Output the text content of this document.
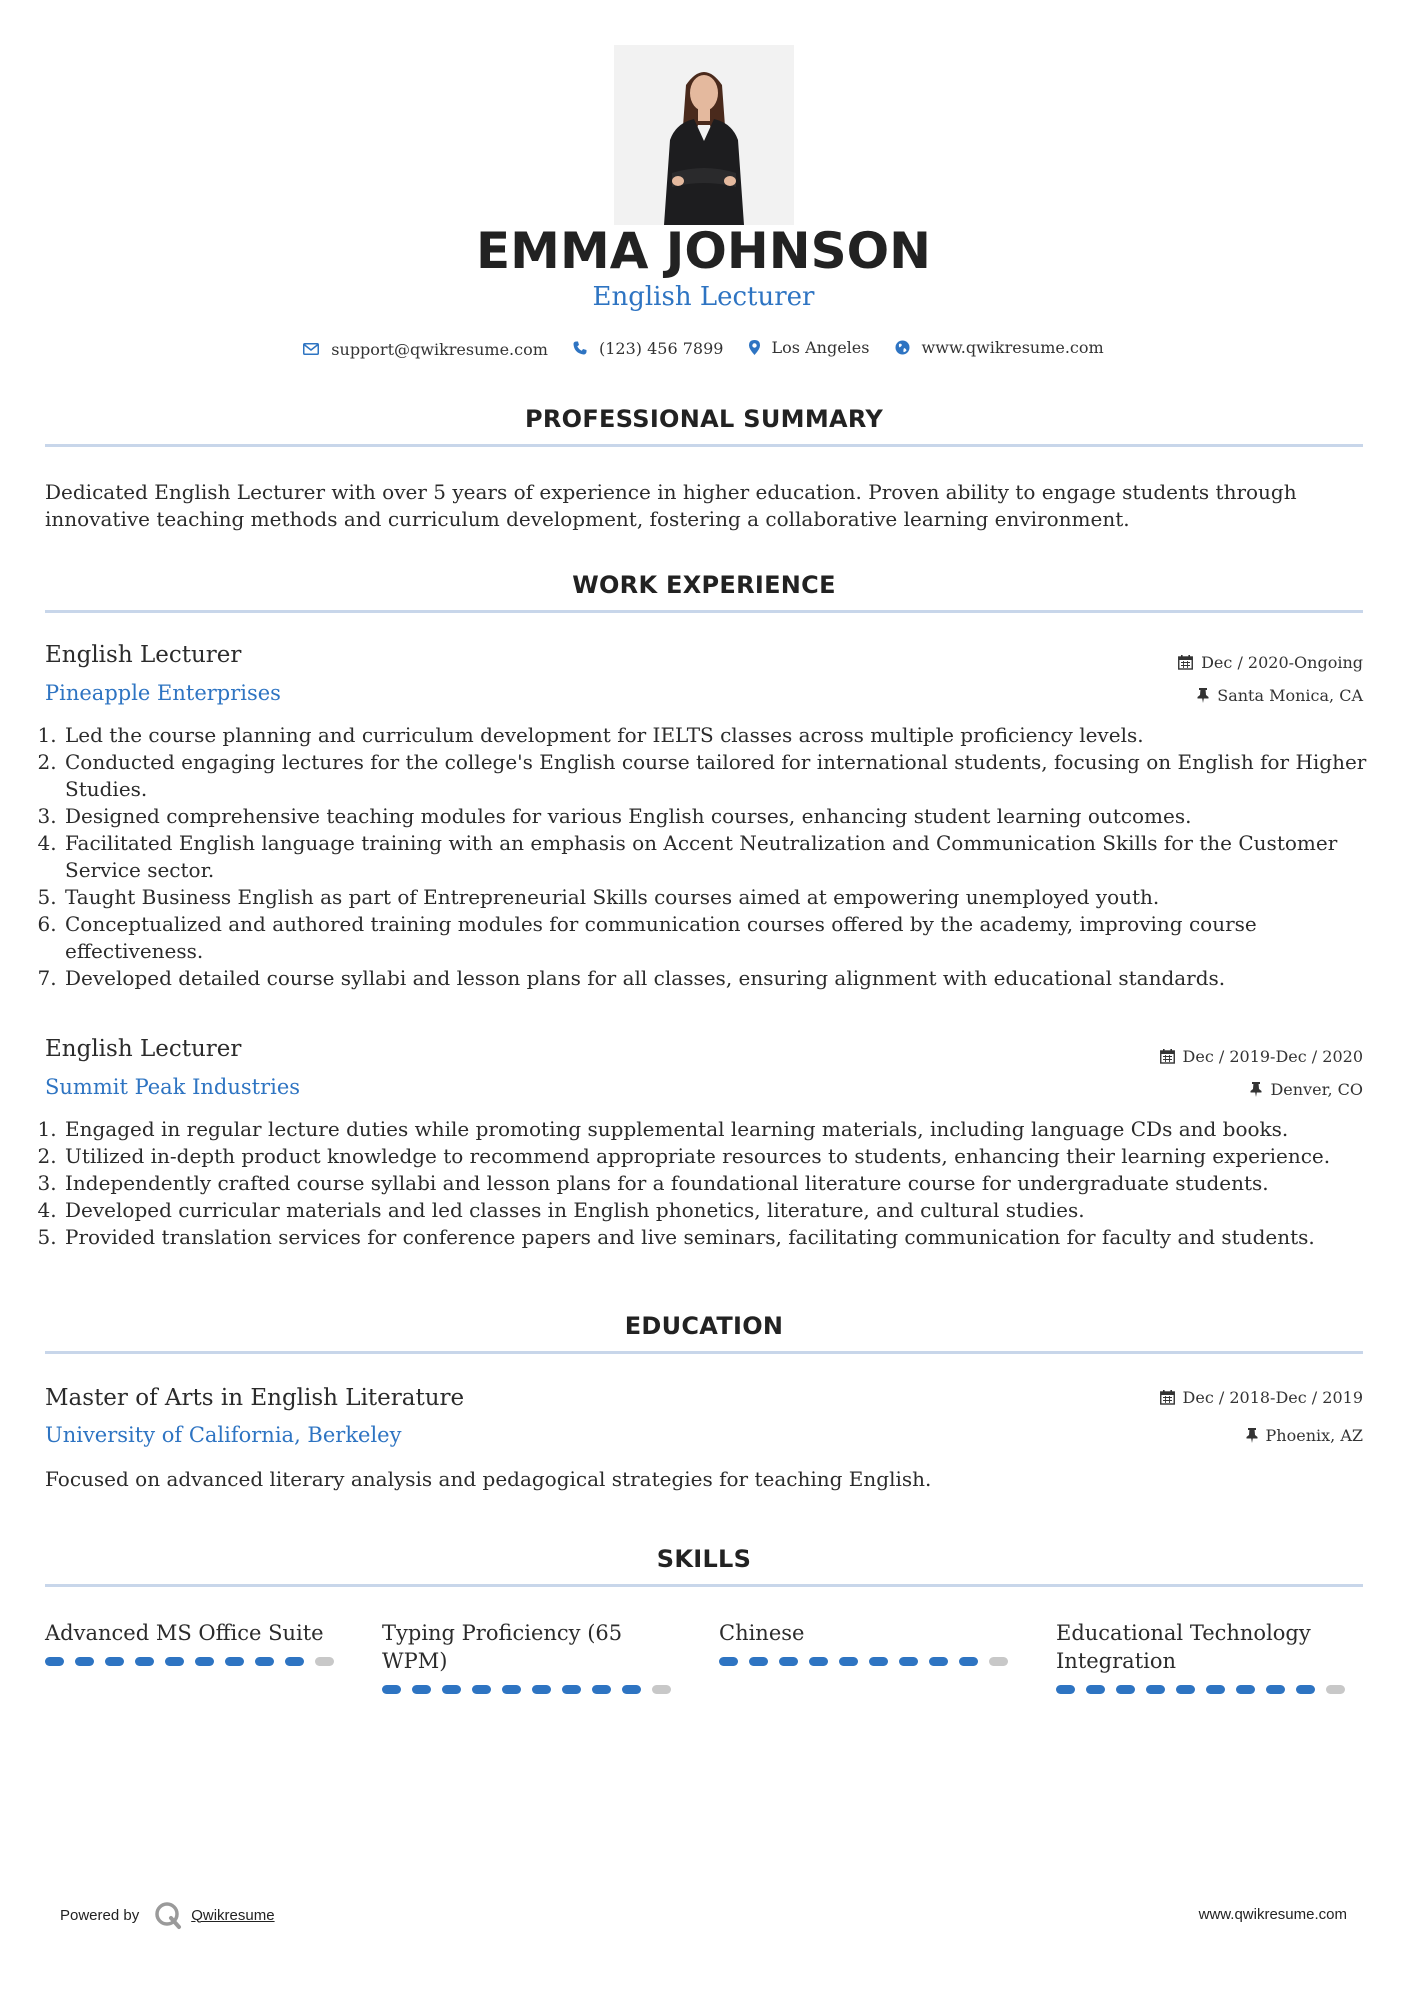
EMMA JOHNSON
English Lecturer
support@qwikresume.com
	(123) 456 7899
	Los Angeles
	www.qwikresume.com
PROFESSIONAL SUMMARY
Dedicated English Lecturer with over 5 years of experience in higher education. Proven ability to engage students through innovative teaching methods and curriculum development, fostering a collaborative learning environment.
WORK EXPERIENCE
English Lecturer
Pineapple Enterprises
Dec / 2020-Ongoing
Santa Monica, CA
1. Led the course planning and curriculum development for IELTS classes across multiple proficiency levels.
2. Conducted engaging lectures for the college's English course tailored for international students, focusing on English for Higher Studies.
3. Designed comprehensive teaching modules for various English courses, enhancing student learning outcomes.
4. Facilitated English language training with an emphasis on Accent Neutralization and Communication Skills for the Customer Service sector.
5. Taught Business English as part of Entrepreneurial Skills courses aimed at empowering unemployed youth.
6. Conceptualized and authored training modules for communication courses offered by the academy, improving course effectiveness.
7. Developed detailed course syllabi and lesson plans for all classes, ensuring alignment with educational standards.
English Lecturer
Summit Peak Industries
Dec / 2019-Dec / 2020
Denver, CO
1. Engaged in regular lecture duties while promoting supplemental learning materials, including language CDs and books.
2. Utilized in-depth product knowledge to recommend appropriate resources to students, enhancing their learning experience.
3. Independently crafted course syllabi and lesson plans for a foundational literature course for undergraduate students.
4. Developed curricular materials and led classes in English phonetics, literature, and cultural studies.
5. Provided translation services for conference papers and live seminars, facilitating communication for faculty and students.
EDUCATION
Master of Arts in English Literature
University of California, Berkeley
Dec / 2018-Dec / 2019
Phoenix, AZ
Focused on advanced literary analysis and pedagogical strategies for teaching English.
SKILLS
Advanced MS Office Suite	Typing Proficiency (65 WPM)
Chinese	Educational Technology Integration
Powered by	Qwikresume	www.qwikresume.com
